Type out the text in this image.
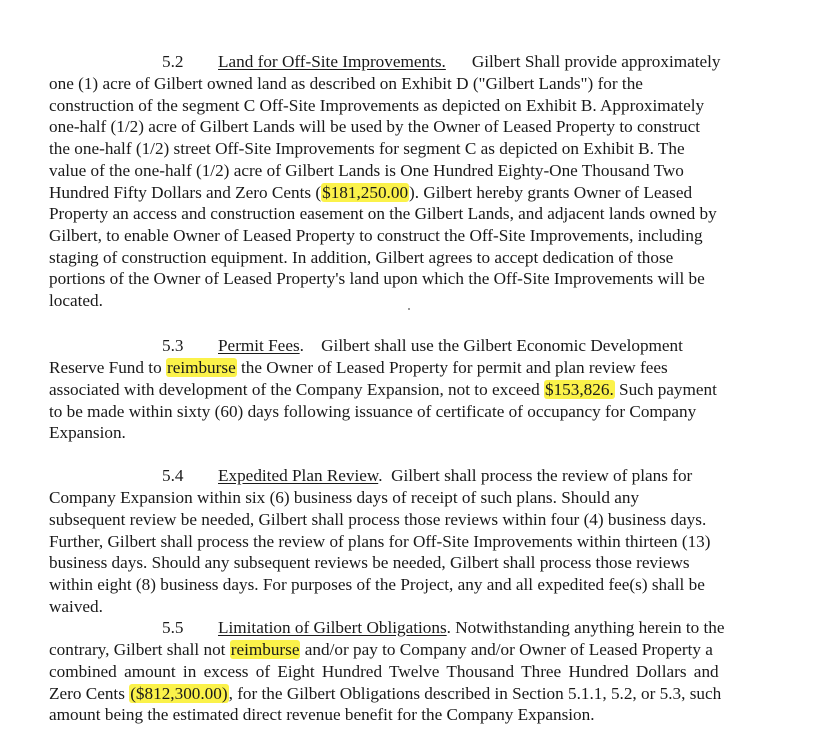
5.2 Land for Off-Site Improvements. Gilbert Shall provide approximately
one (1) acre of Gilbert owned land as described on Exhibit D ("Gilbert Lands") for the
construction of the segment C Off-Site Improvements as depicted on Exhibit B. Approximately
one-half (1/2) acre of Gilbert Lands will be used by the Owner of Leased Property to construct
the one-half (1/2) street Off-Site Improvements for segment C as depicted on Exhibit B. The
value of the one-half (1/2) acre of Gilbert Lands is One Hundred Eighty-One Thousand Two
Hundred Fifty Dollars and Zero Cents ($181,250.00). Gilbert hereby grants Owner of Leased
Property an access and construction easement on the Gilbert Lands, and adjacent lands owned by
Gilbert, to enable Owner of Leased Property to construct the Off-Site Improvements, including
staging of construction equipment. In addition, Gilbert agrees to accept dedication of those
portions of the Owner of Leased Property's land upon which the Off-Site Improvements will be
located.
5.3 Permit Fees.    Gilbert shall use the Gilbert Economic Development
Reserve Fund to reimburse the Owner of Leased Property for permit and plan review fees
associated with development of the Company Expansion, not to exceed $153,826. Such payment
to be made within sixty (60) days following issuance of certificate of occupancy for Company
Expansion.
5.4 Expedited Plan Review.  Gilbert shall process the review of plans for
Company Expansion within six (6) business days of receipt of such plans. Should any
subsequent review be needed, Gilbert shall process those reviews within four (4) business days.
Further, Gilbert shall process the review of plans for Off-Site Improvements within thirteen (13)
business days. Should any subsequent reviews be needed, Gilbert shall process those reviews
within eight (8) business days. For purposes of the Project, any and all expedited fee(s) shall be
waived.
5.5 Limitation of Gilbert Obligations. Notwithstanding anything herein to the
contrary, Gilbert shall not reimburse and/or pay to Company and/or Owner of Leased Property a
combined amount in excess of Eight Hundred Twelve Thousand Three Hundred Dollars and
Zero Cents ($812,300.00), for the Gilbert Obligations described in Section 5.1.1, 5.2, or 5.3, such
amount being the estimated direct revenue benefit for the Company Expansion.
